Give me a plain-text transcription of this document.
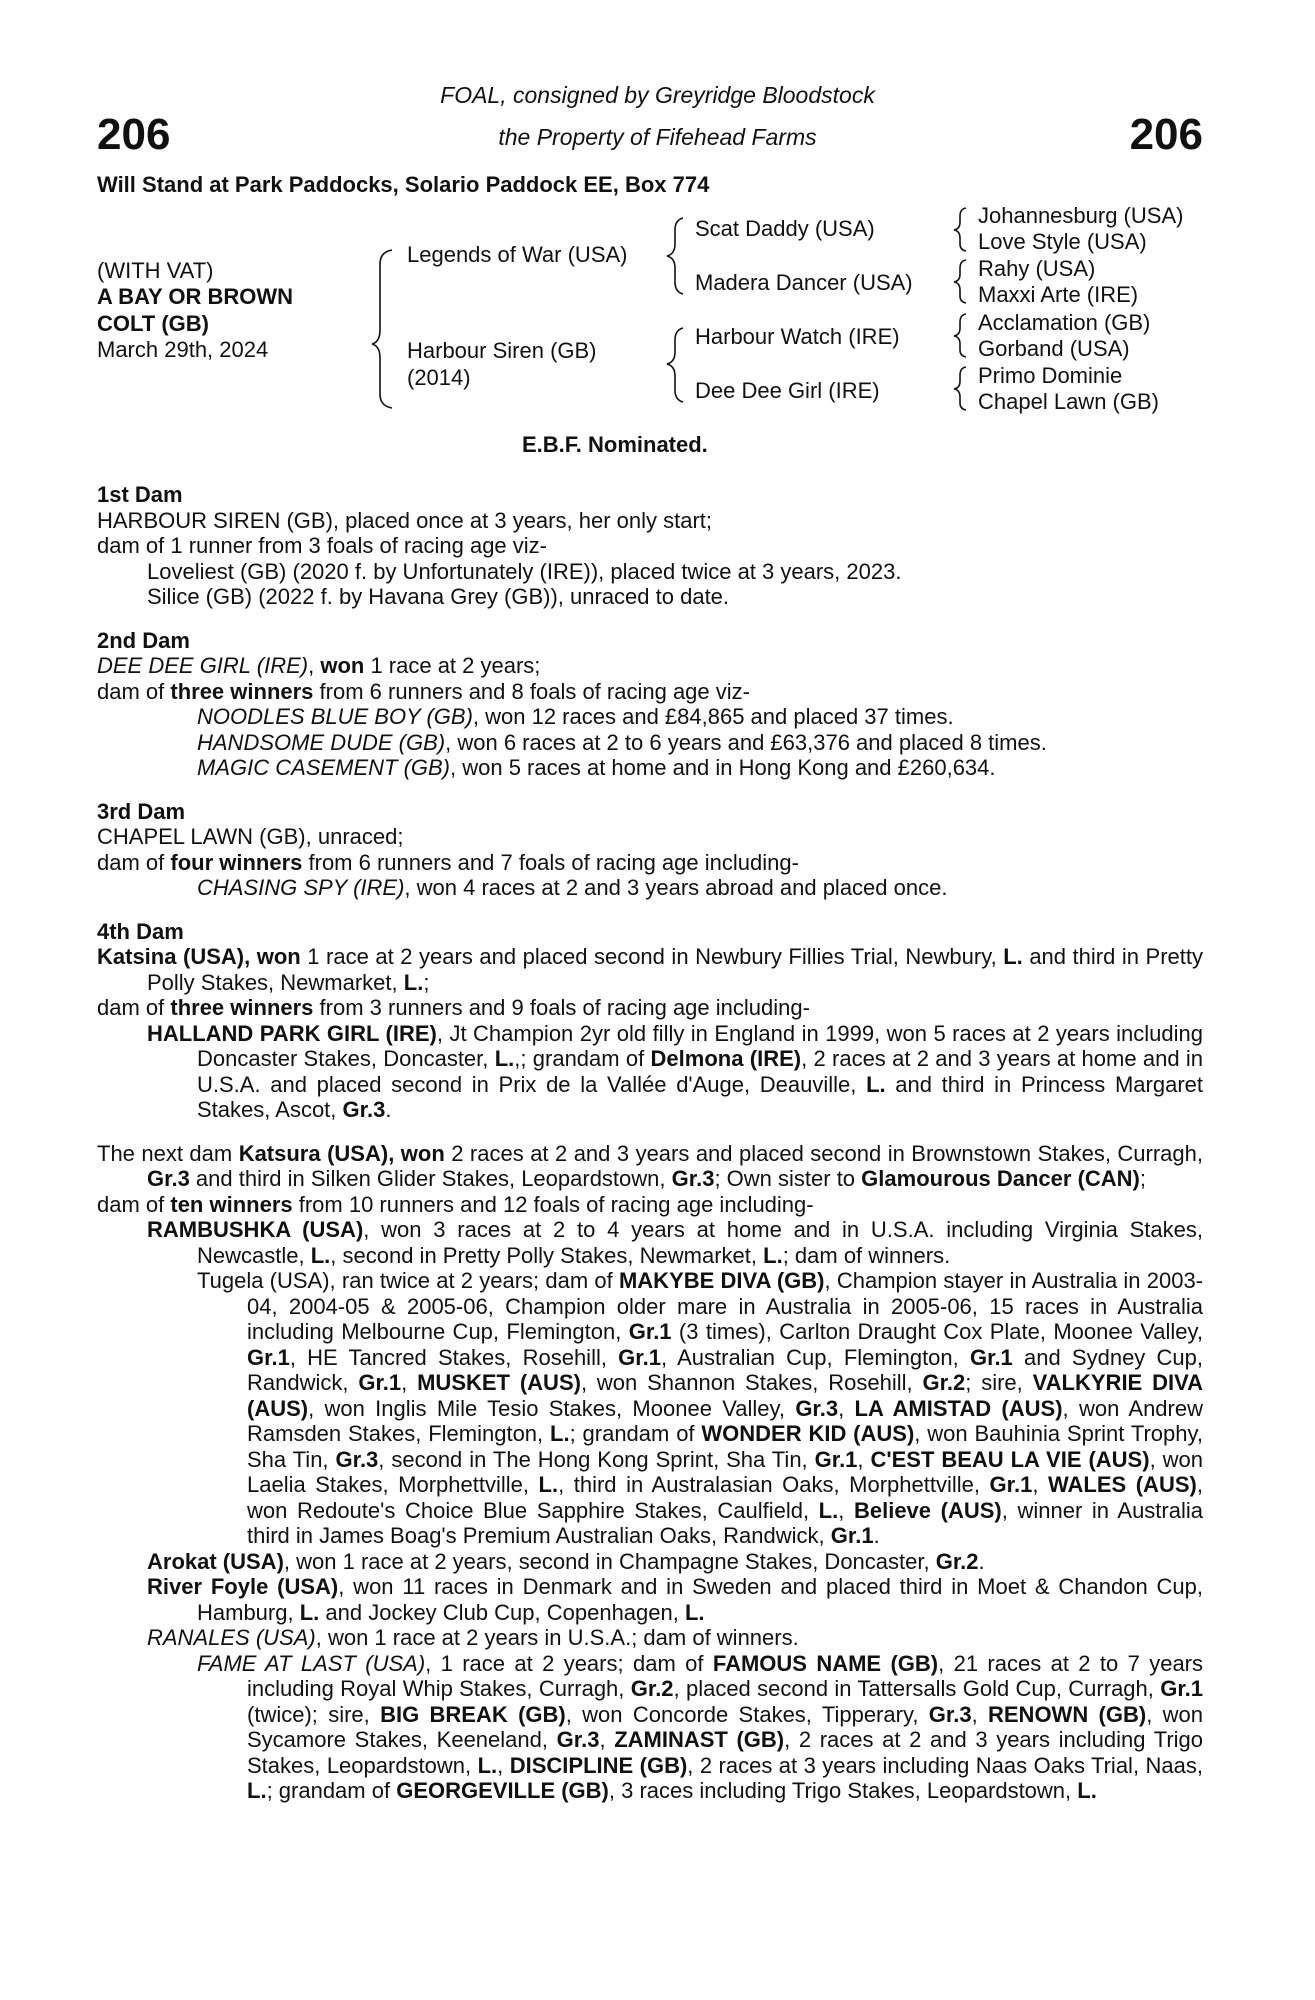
206	206
FOAL, consigned by Greyridge Bloodstock
the Property of Fifehead Farms
Will Stand at Park Paddocks, Solario Paddock EE, Box 774
(WITH VAT)
A BAY OR BROWN
COLT (GB)
March 29th, 2024
Legends of War (USA)
Harbour Siren (GB)
(2014)
Scat Daddy (USA)
Madera Dancer (USA)
Harbour Watch (IRE)
Dee Dee Girl (IRE)
Johannesburg (USA)
Love Style (USA)
Rahy (USA)
Maxxi Arte (IRE)
Acclamation (GB)
Gorband (USA)
Primo Dominie
Chapel Lawn (GB)
E.B.F. Nominated.

1st Dam

HARBOUR SIREN (GB), placed once at 3 years, her only start;

dam of 1 runner from 3 foals of racing age viz-

Loveliest (GB) (2020 f. by Unfortunately (IRE)), placed twice at 3 years, 2023.

Silice (GB) (2022 f. by Havana Grey (GB)), unraced to date.

2nd Dam

DEE DEE GIRL (IRE), won 1 race at 2 years;

dam of three winners from 6 runners and 8 foals of racing age viz-

NOODLES BLUE BOY (GB), won 12 races and £84,865 and placed 37 times.

HANDSOME DUDE (GB), won 6 races at 2 to 6 years and £63,376 and placed 8 times.

MAGIC CASEMENT (GB), won 5 races at home and in Hong Kong and £260,634.

3rd Dam

CHAPEL LAWN (GB), unraced;

dam of four winners from 6 runners and 7 foals of racing age including-

CHASING SPY (IRE), won 4 races at 2 and 3 years abroad and placed once.

4th Dam

Katsina (USA), won 1 race at 2 years and placed second in Newbury Fillies Trial, Newbury, L. and third in Pretty Polly Stakes, Newmarket, L.;

dam of three winners from 3 runners and 9 foals of racing age including-

HALLAND PARK GIRL (IRE), Jt Champion 2yr old filly in England in 1999, won 5 races at 2 years including Doncaster Stakes, Doncaster, L.,; grandam of Delmona (IRE), 2 races at 2 and 3 years at home and in U.S.A. and placed second in Prix de la Vallée d'Auge, Deauville, L. and third in Princess Margaret Stakes, Ascot, Gr.3.

The next dam Katsura (USA), won 2 races at 2 and 3 years and placed second in Brownstown Stakes, Curragh, Gr.3 and third in Silken Glider Stakes, Leopardstown, Gr.3; Own sister to Glamourous Dancer (CAN);

dam of ten winners from 10 runners and 12 foals of racing age including-

RAMBUSHKA (USA), won 3 races at 2 to 4 years at home and in U.S.A. including Virginia Stakes, Newcastle, L., second in Pretty Polly Stakes, Newmarket, L.; dam of winners.

Tugela (USA), ran twice at 2 years; dam of MAKYBE DIVA (GB), Champion stayer in Australia in 2003-04, 2004-05 & 2005-06, Champion older mare in Australia in 2005-06, 15 races in Australia including Melbourne Cup, Flemington, Gr.1 (3 times), Carlton Draught Cox Plate, Moonee Valley, Gr.1, HE Tancred Stakes, Rosehill, Gr.1, Australian Cup, Flemington, Gr.1 and Sydney Cup, Randwick, Gr.1, MUSKET (AUS), won Shannon Stakes, Rosehill, Gr.2; sire, VALKYRIE DIVA (AUS), won Inglis Mile Tesio Stakes, Moonee Valley, Gr.3, LA AMISTAD (AUS), won Andrew Ramsden Stakes, Flemington, L.; grandam of WONDER KID (AUS), won Bauhinia Sprint Trophy, Sha Tin, Gr.3, second in The Hong Kong Sprint, Sha Tin, Gr.1, C'EST BEAU LA VIE (AUS), won Laelia Stakes, Morphettville, L., third in Australasian Oaks, Morphettville, Gr.1, WALES (AUS), won Redoute's Choice Blue Sapphire Stakes, Caulfield, L., Believe (AUS), winner in Australia third in James Boag's Premium Australian Oaks, Randwick, Gr.1.

Arokat (USA), won 1 race at 2 years, second in Champagne Stakes, Doncaster, Gr.2.

River Foyle (USA), won 11 races in Denmark and in Sweden and placed third in Moet & Chandon Cup, Hamburg, L. and Jockey Club Cup, Copenhagen, L.

RANALES (USA), won 1 race at 2 years in U.S.A.; dam of winners.

FAME AT LAST (USA), 1 race at 2 years; dam of FAMOUS NAME (GB), 21 races at 2 to 7 years including Royal Whip Stakes, Curragh, Gr.2, placed second in Tattersalls Gold Cup, Curragh, Gr.1 (twice); sire, BIG BREAK (GB), won Concorde Stakes, Tipperary, Gr.3, RENOWN (GB), won Sycamore Stakes, Keeneland, Gr.3, ZAMINAST (GB), 2 races at 2 and 3 years including Trigo Stakes, Leopardstown, L., DISCIPLINE (GB), 2 races at 3 years including Naas Oaks Trial, Naas, L.; grandam of GEORGEVILLE (GB), 3 races including Trigo Stakes, Leopardstown, L.
